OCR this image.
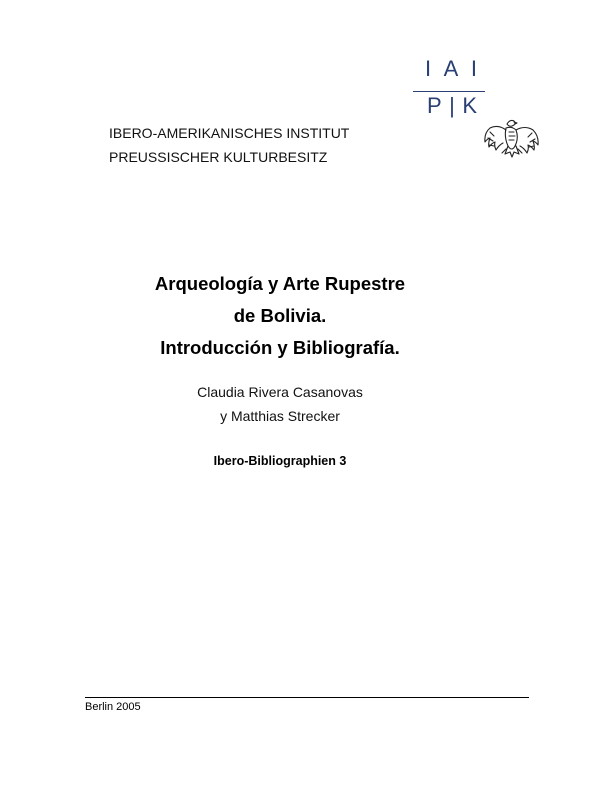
IBERO-AMERIKANISCHES INSTITUT
PREUSSISCHER KULTURBESITZ
I A I
P | K
Arqueología y Arte Rupestre
de Bolivia.
Introducción y Bibliografía.
Claudia Rivera Casanovas
y Matthias Strecker
Ibero-Bibliographien 3
Berlin 2005
